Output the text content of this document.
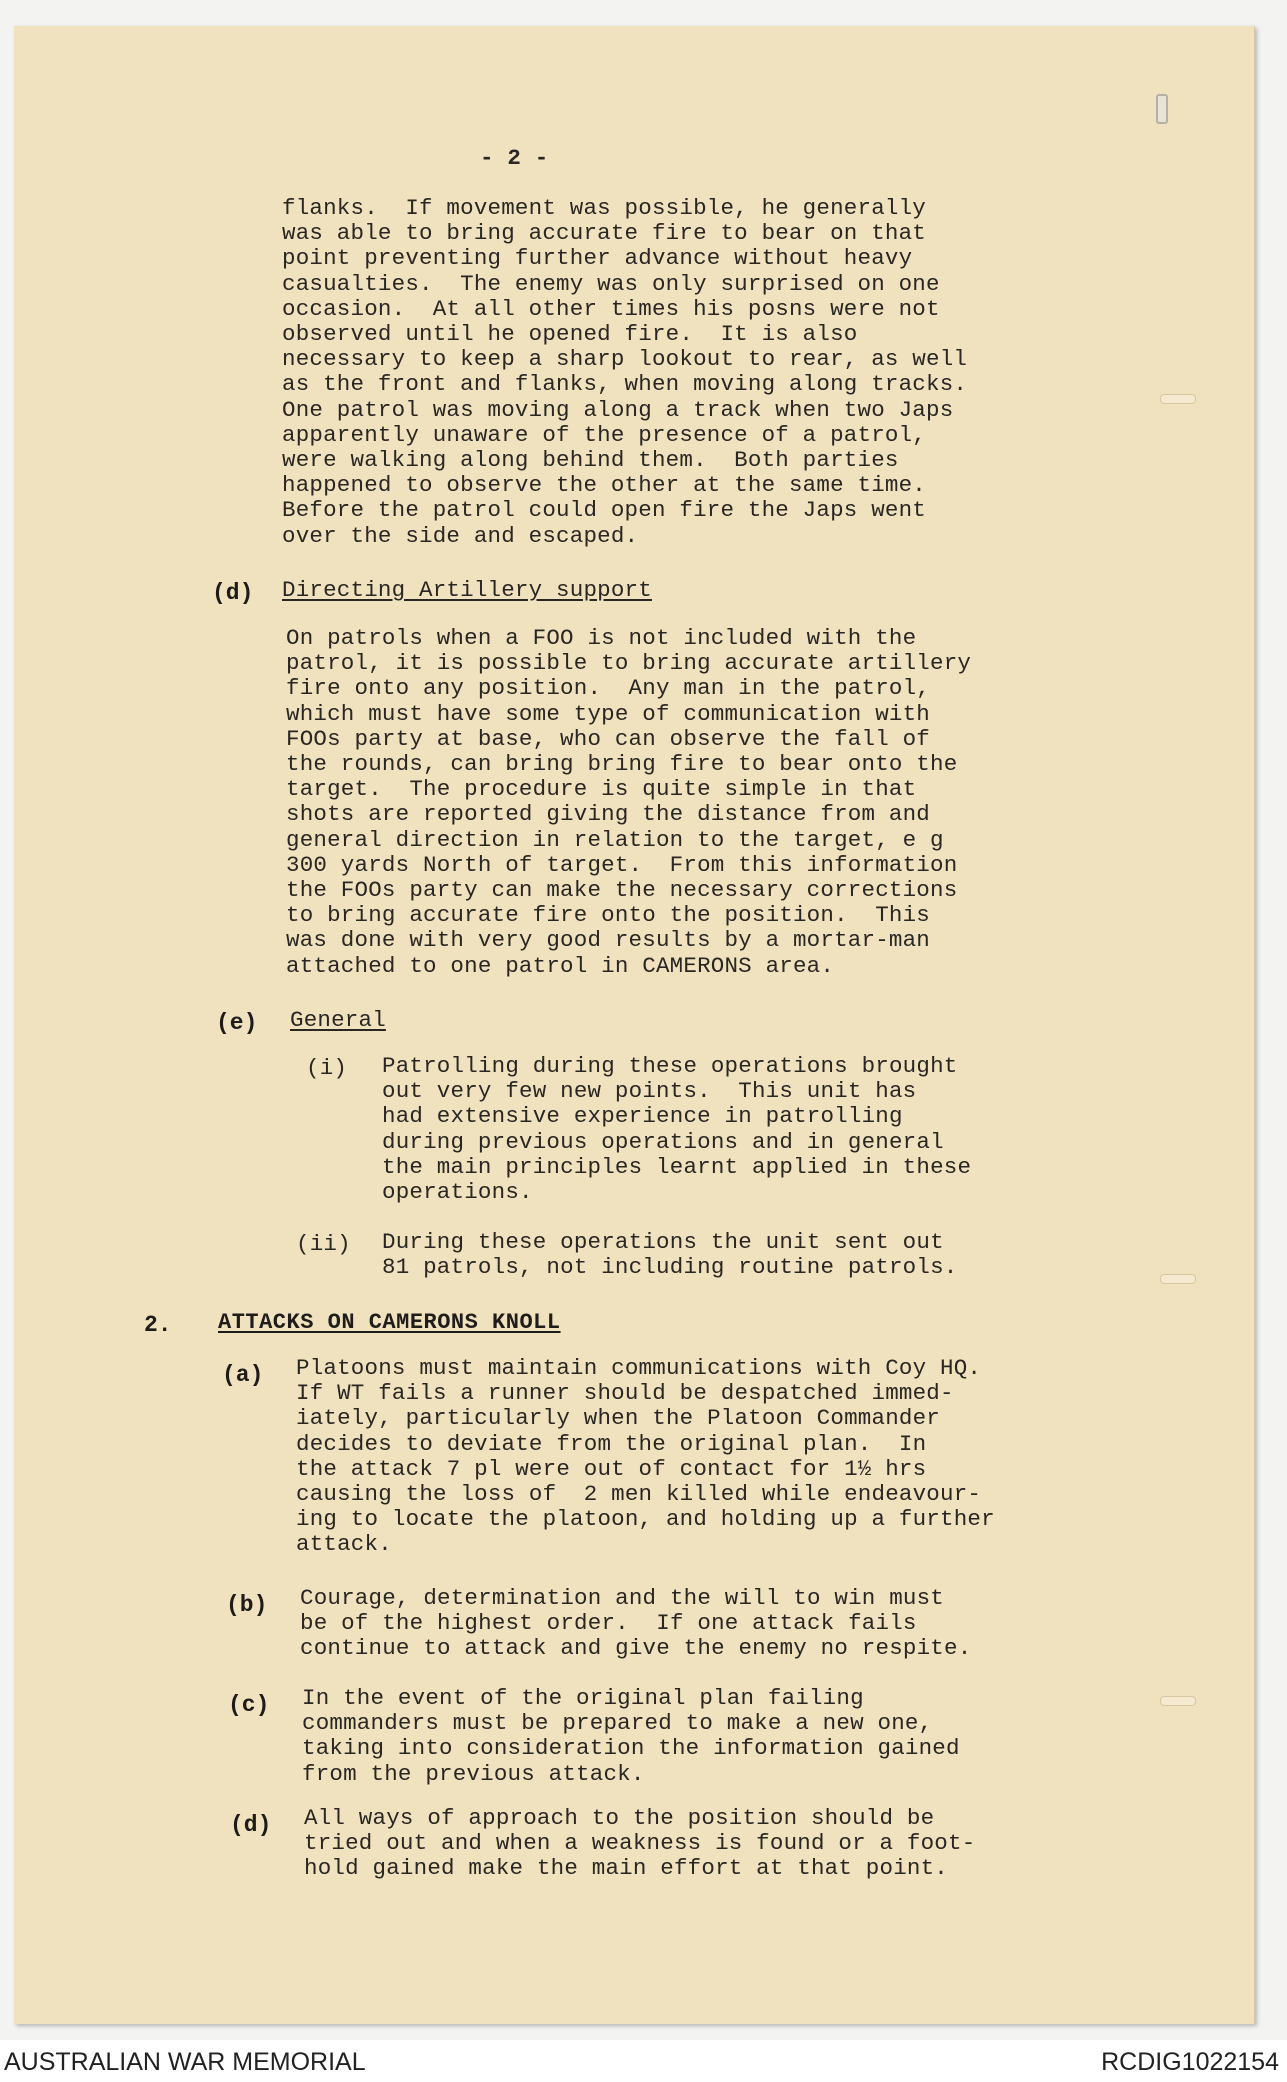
- 2 -
flanks.  If movement was possible, he generally
was able to bring accurate fire to bear on that
point preventing further advance without heavy
casualties.  The enemy was only surprised on one
occasion.  At all other times his posns were not
observed until he opened fire.  It is also
necessary to keep a sharp lookout to rear, as well
as the front and flanks, when moving along tracks.
One patrol was moving along a track when two Japs
apparently unaware of the presence of a patrol,
were walking along behind them.  Both parties
happened to observe the other at the same time.
Before the patrol could open fire the Japs went
over the side and escaped.
(d) Directing Artillery support
On patrols when a FOO is not included with the
patrol, it is possible to bring accurate artillery
fire onto any position.  Any man in the patrol,
which must have some type of communication with
FOOs party at base, who can observe the fall of
the rounds, can bring bring fire to bear onto the
target.  The procedure is quite simple in that
shots are reported giving the distance from and
general direction in relation to the target, e g
300 yards North of target.  From this information
the FOOs party can make the necessary corrections
to bring accurate fire onto the position.  This
was done with very good results by a mortar-man
attached to one patrol in CAMERONS area.
(e) General
(i) Patrolling during these operations brought
out very few new points.  This unit has
had extensive experience in patrolling
during previous operations and in general
the main principles learnt applied in these
operations.
(ii) During these operations the unit sent out
81 patrols, not including routine patrols.
2. ATTACKS ON CAMERONS KNOLL
(a) Platoons must maintain communications with Coy HQ.
If WT fails a runner should be despatched immed-
iately, particularly when the Platoon Commander
decides to deviate from the original plan.  In
the attack 7 pl were out of contact for 1½ hrs
causing the loss of  2 men killed while endeavour-
ing to locate the platoon, and holding up a further
attack.
(b) Courage, determination and the will to win must
be of the highest order.  If one attack fails
continue to attack and give the enemy no respite.
(c) In the event of the original plan failing
commanders must be prepared to make a new one,
taking into consideration the information gained
from the previous attack.
(d) All ways of approach to the position should be
tried out and when a weakness is found or a foot-
hold gained make the main effort at that point.
AUSTRALIAN WAR MEMORIAL	RCDIG1022154
